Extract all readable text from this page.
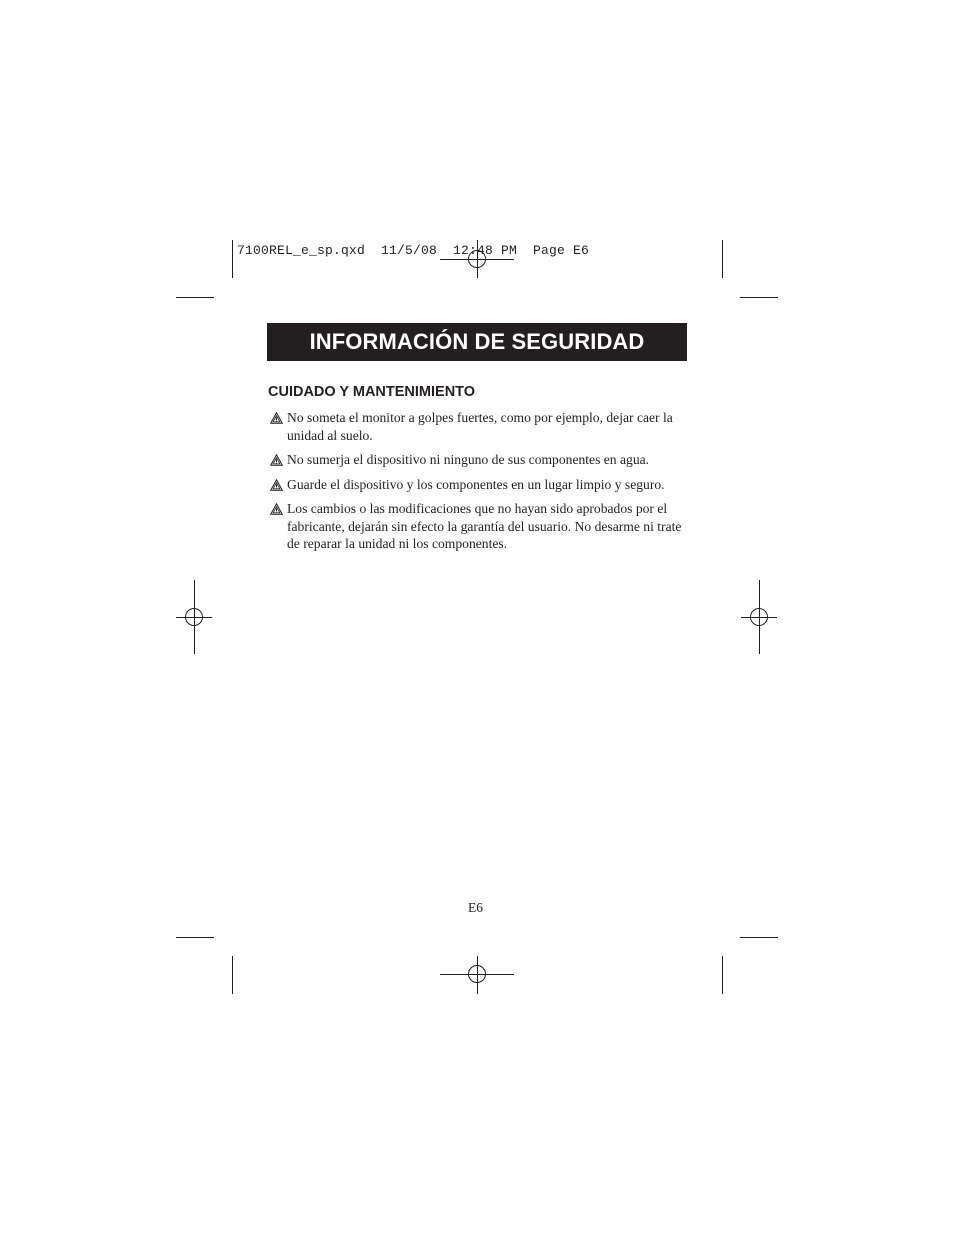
7100REL_e_sp.qxd  11/5/08  12:48 PM  Page E6
INFORMACIÓN DE SEGURIDAD
CUIDADO Y MANTENIMIENTO
No someta el monitor a golpes fuertes, como por ejemplo, dejar caer la unidad al suelo.
No sumerja el dispositivo ni ninguno de sus componentes en agua.
Guarde el dispositivo y los componentes en un lugar limpio y seguro.
Los cambios o las modificaciones que no hayan sido aprobados por el fabricante, dejarán sin efecto la garantía del usuario. No desarme ni trate de reparar la unidad ni los componentes.
E6
